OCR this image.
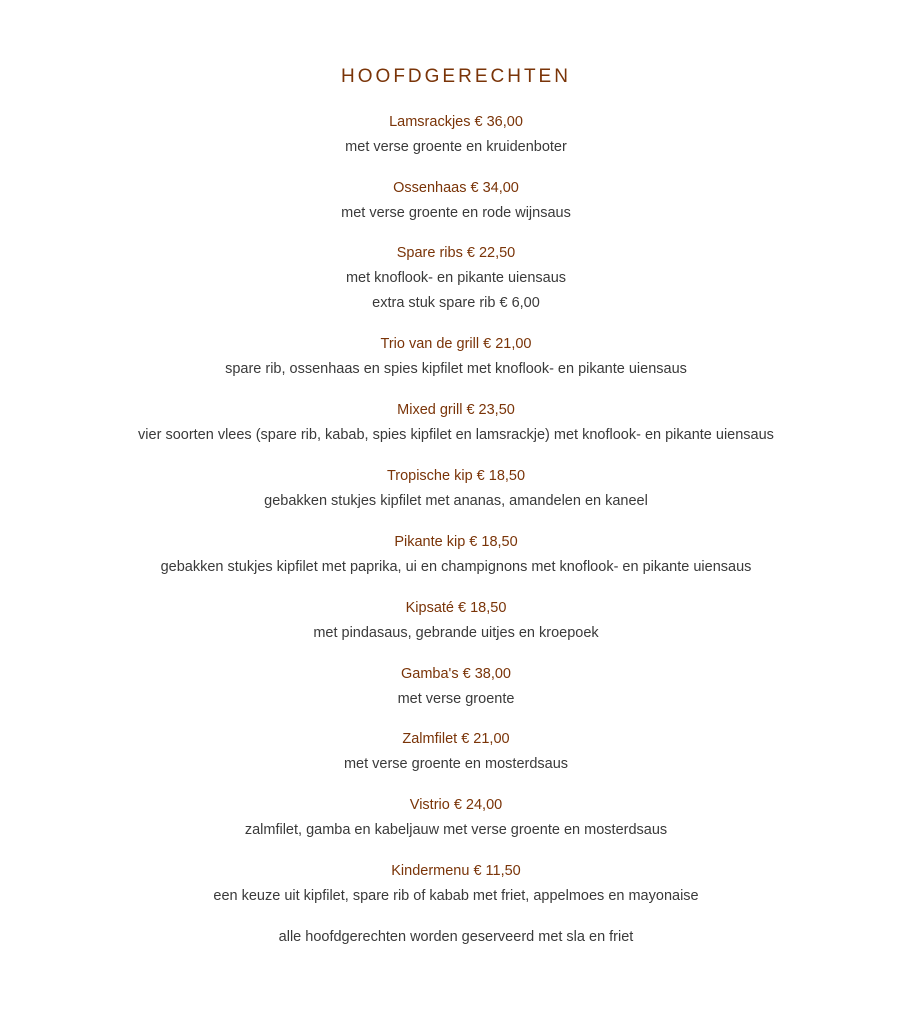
HOOFDGERECHTEN
Lamsrackjes € 36,00
met verse groente en kruidenboter
Ossenhaas € 34,00
met verse groente en rode wijnsaus
Spare ribs € 22,50
met knoflook- en pikante uiensaus
extra stuk spare rib € 6,00
Trio van de grill € 21,00
spare rib, ossenhaas en spies kipfilet met knoflook- en pikante uiensaus
Mixed grill € 23,50
vier soorten vlees (spare rib, kabab, spies kipfilet en lamsrackje) met knoflook- en pikante uiensaus
Tropische kip € 18,50
gebakken stukjes kipfilet met ananas, amandelen en kaneel
Pikante kip € 18,50
gebakken stukjes kipfilet met paprika, ui en champignons met knoflook- en pikante uiensaus
Kipsaté € 18,50
met pindasaus, gebrande uitjes en kroepoek
Gamba's € 38,00
met verse groente
Zalmfilet € 21,00
met verse groente en mosterdsaus
Vistrio € 24,00
zalmfilet, gamba en kabeljauw met verse groente en mosterdsaus
Kindermenu € 11,50
een keuze uit kipfilet, spare rib of kabab met friet, appelmoes en mayonaise
alle hoofdgerechten worden geserveerd met sla en friet
